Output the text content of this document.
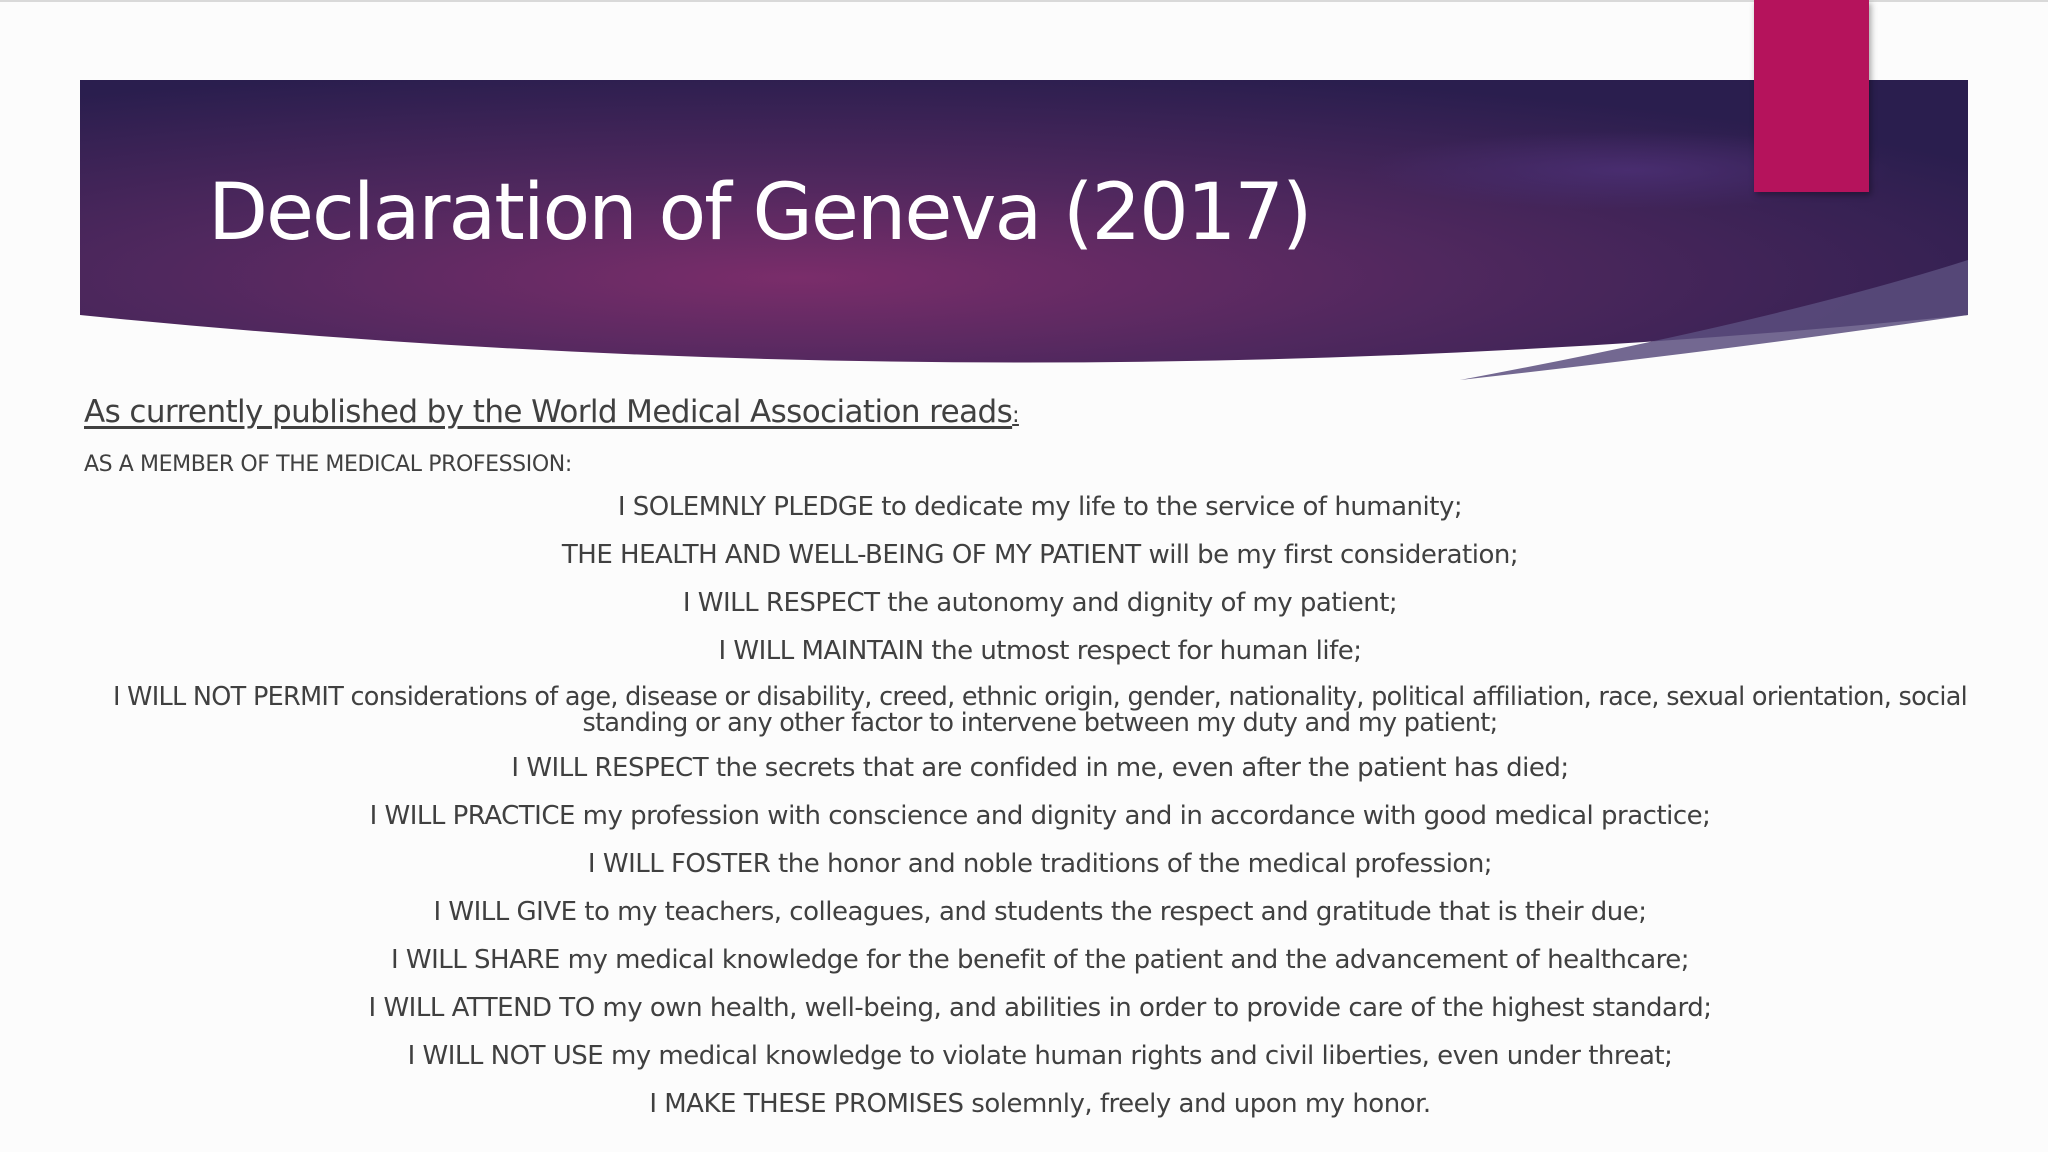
Declaration of Geneva (2017)
As currently published by the World Medical Association reads:
AS A MEMBER OF THE MEDICAL PROFESSION:
I SOLEMNLY PLEDGE to dedicate my life to the service of humanity;
THE HEALTH AND WELL-BEING OF MY PATIENT will be my first consideration;
I WILL RESPECT the autonomy and dignity of my patient;
I WILL MAINTAIN the utmost respect for human life;
I WILL NOT PERMIT considerations of age, disease or disability, creed, ethnic origin, gender, nationality, political affiliation, race, sexual orientation, social standing or any other factor to intervene between my duty and my patient;
I WILL RESPECT the secrets that are confided in me, even after the patient has died;
I WILL PRACTICE my profession with conscience and dignity and in accordance with good medical practice;
I WILL FOSTER the honor and noble traditions of the medical profession;
I WILL GIVE to my teachers, colleagues, and students the respect and gratitude that is their due;
I WILL SHARE my medical knowledge for the benefit of the patient and the advancement of healthcare;
I WILL ATTEND TO my own health, well-being, and abilities in order to provide care of the highest standard;
I WILL NOT USE my medical knowledge to violate human rights and civil liberties, even under threat;
I MAKE THESE PROMISES solemnly, freely and upon my honor.
